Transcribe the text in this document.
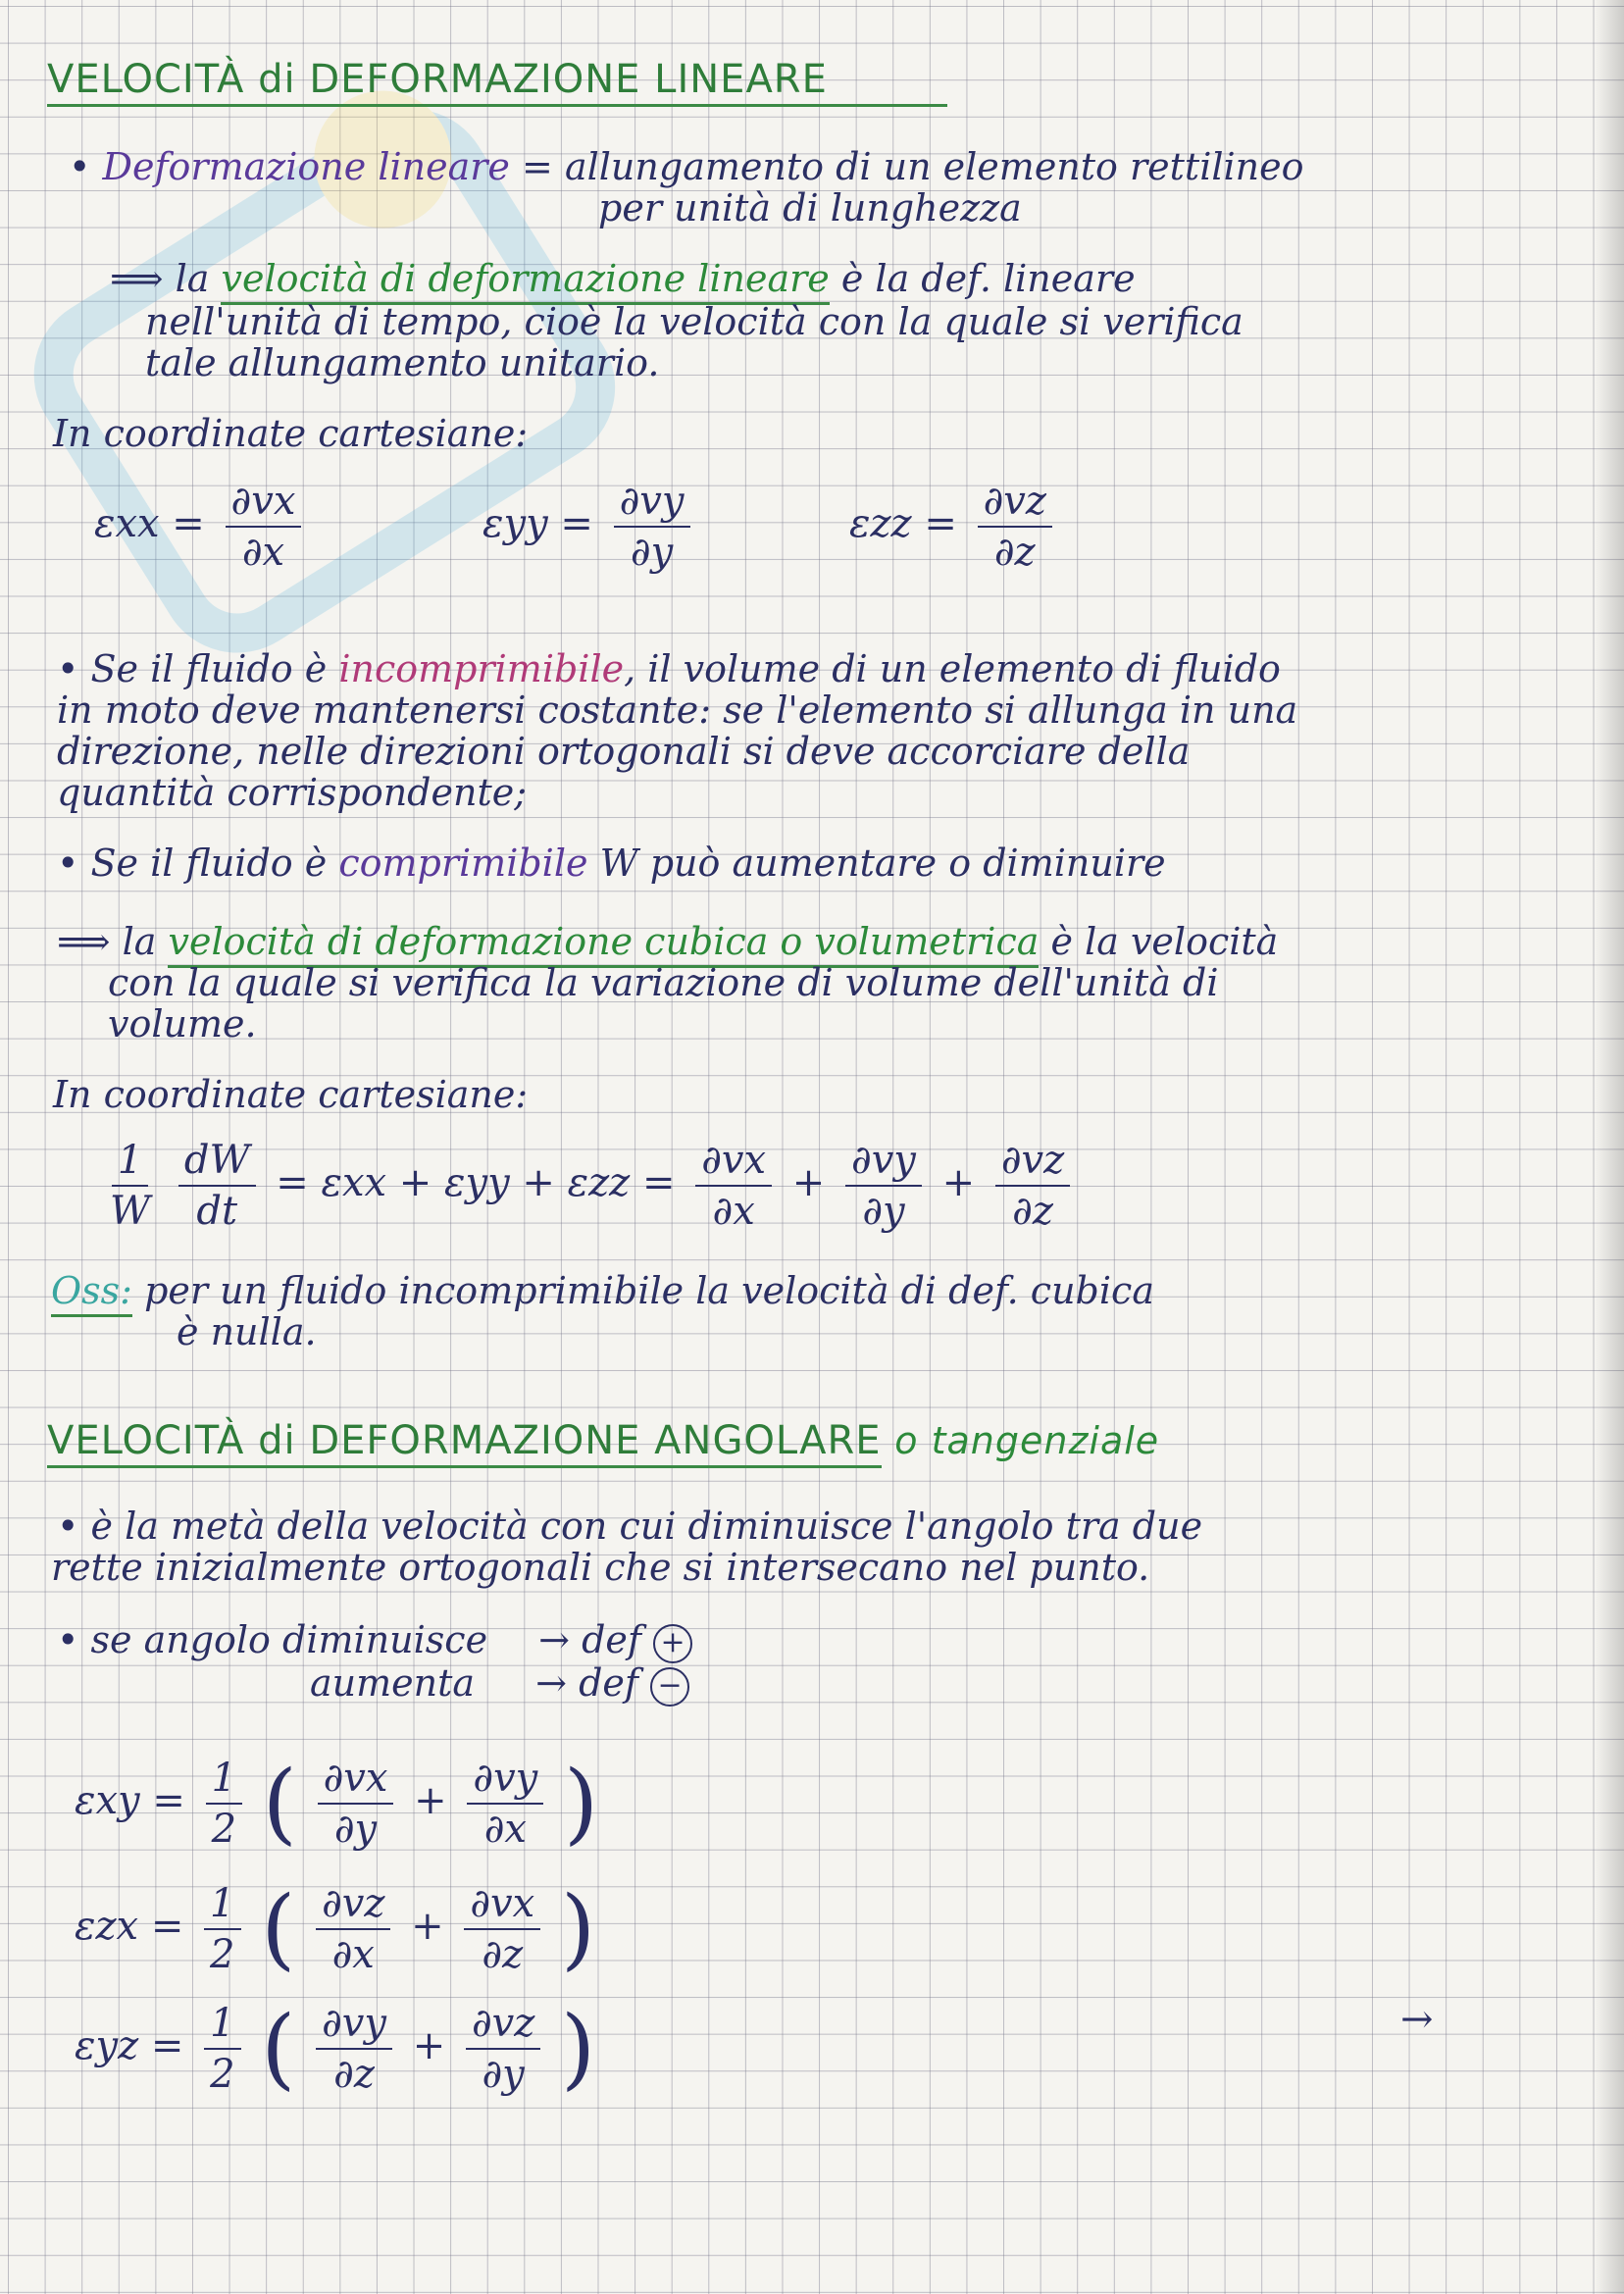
VELOCITÀ di DEFORMAZIONE LINEARE
• Deformazione lineare = allungamento di un elemento rettilineo
per unità di lunghezza
⟹ la velocità di deformazione lineare è la def. lineare
nell'unità di tempo, cioè la velocità con la quale si verifica
tale allungamento unitario.
In coordinate cartesiane:
$\varepsilon xx = \frac{\partial vx}{\partial x}$	$\varepsilon yy = \frac{\partial vy}{\partial y}$	$\varepsilon zz = \frac{\partial vz}{\partial z}$
• Se il fluido è incomprimibile, il volume di un elemento di fluido
in moto deve mantenersi costante: se l'elemento si allunga in una
direzione, nelle direzioni ortogonali si deve accorciare della
quantità corrispondente;
• Se il fluido è comprimibile W può aumentare o diminuire
⟹ la velocità di deformazione cubica o volumetrica è la velocità
con la quale si verifica la variazione di volume dell'unità di
volume.
In coordinate cartesiane:
$\frac{1}{W}$
$\frac{dW}{dt} = \varepsilon xx + \varepsilon yy + \varepsilon zz = \frac{\partial vx}{\partial x} + \frac{\partial vy}{\partial y} + \frac{\partial vz}{\partial z}$
Oss: per un fluido incomprimibile la velocità di def. cubica
è nulla.
VELOCITÀ di DEFORMAZIONE ANGOLARE o tangenziale
• è la metà della velocità con cui diminuisce l'angolo tra due
rette inizialmente ortogonali che si intersecano nel punto.
• se angolo diminuisce → def +
aumenta → def −
$\varepsilon xy = \frac{1}{2}$ ( $\frac{\partial vx}{\partial y} + \frac{\partial vy}{\partial x}$ )
$\varepsilon zx = \frac{1}{2}$ ( $\frac{\partial vz}{\partial x} + \frac{\partial vx}{\partial z}$ )
$\varepsilon yz = \frac{1}{2}$ ( $\frac{\partial vy}{\partial z} + \frac{\partial vz}{\partial y}$ )	→
